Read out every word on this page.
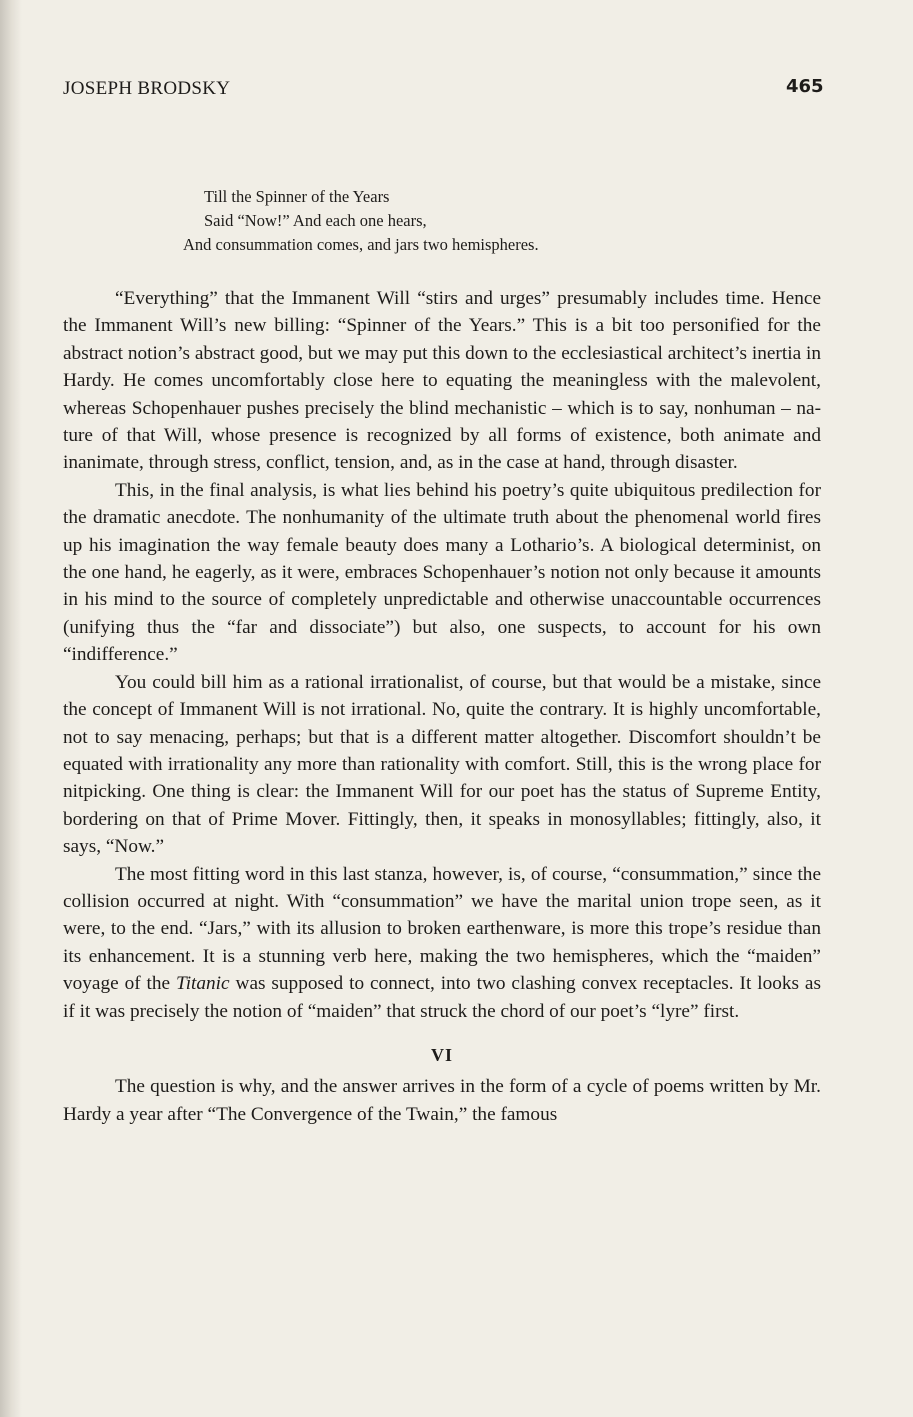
JOSEPH BRODSKY	465
Till the Spinner of the Years
Said “Now!” And each one hears,
And consummation comes, and jars two hemispheres.

“Everything” that the Immanent Will “stirs and urges” presumably includes time. Hence the Immanent Will’s new billing: “Spinner of the Years.” This is a bit too personified for the abstract notion’s abstract good, but we may put this down to the ecclesiastical architect’s inertia in Hardy. He comes uncomfortably close here to equating the meaningless with the malevolent, whereas Schopenhauer pushes precisely the blind mechanistic – which is to say, nonhuman – nature of that Will, whose presence is recognized by all forms of existence, both animate and inanimate, through stress, conflict, tension, and, as in the case at hand, through disaster.

This, in the final analysis, is what lies behind his poetry’s quite ubiquitous predilection for the dramatic anecdote. The nonhumanity of the ultimate truth about the phenomenal world fires up his imagination the way female beauty does many a Lothario’s. A biological determinist, on the one hand, he eagerly, as it were, embraces Schopenhauer’s notion not only because it amounts in his mind to the source of completely unpredictable and otherwise unaccountable occurrences (unifying thus the “far and dissociate”) but also, one suspects, to account for his own “indifference.”

You could bill him as a rational irrationalist, of course, but that would be a mistake, since the concept of Immanent Will is not irrational. No, quite the contrary. It is highly uncomfortable, not to say menacing, perhaps; but that is a different matter altogether. Discomfort shouldn’t be equated with irrationality any more than rationality with comfort. Still, this is the wrong place for nitpicking. One thing is clear: the Immanent Will for our poet has the status of Supreme Entity, bordering on that of Prime Mover. Fittingly, then, it speaks in monosyllables; fittingly, also, it says, “Now.”

The most fitting word in this last stanza, however, is, of course, “consummation,” since the collision occurred at night. With “consummation” we have the marital union trope seen, as it were, to the end. “Jars,” with its allusion to broken earthenware, is more this trope’s residue than its enhancement. It is a stunning verb here, making the two hemispheres, which the “maiden” voyage of the Titanic was supposed to connect, into two clashing convex receptacles. It looks as if it was precisely the notion of “maiden” that struck the chord of our poet’s “lyre” first.

VI

The question is why, and the answer arrives in the form of a cycle of poems written by Mr. Hardy a year after “The Convergence of the Twain,” the famous
